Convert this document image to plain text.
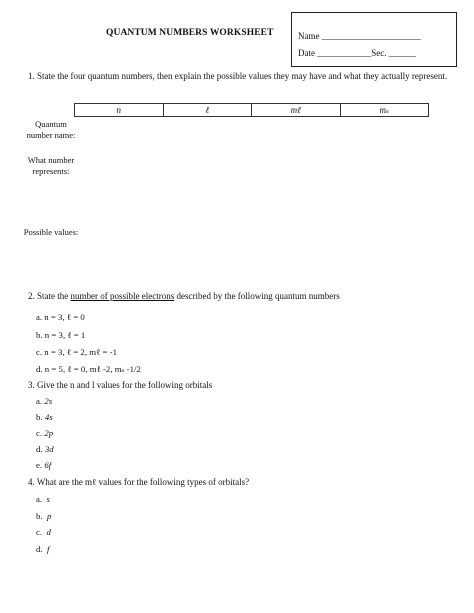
QUANTUM NUMBERS WORKSHEET	Name ______________________
Date ____________Sec. ______
1. State the four quantum numbers, then explain the possible values they may have and what they actually represent.
n	ℓ	mℓ	mₛ
Quantum number name:
What number represents:
Possible values:
2. State the number of possible electrons described by the following quantum numbers
a. n = 3, ℓ = 0
b. n = 3, ℓ = 1
c. n = 3, ℓ = 2, mℓ = -1
d. n = 5, ℓ = 0, mℓ -2, mₛ -1/2
3. Give the n and l values for the following orbitals
a. 2s
b. 4s
c. 2p
d. 3d
e. 6f
4. What are the mℓ values for the following types of orbitals?
a. s
b. p
c. d
d. f
